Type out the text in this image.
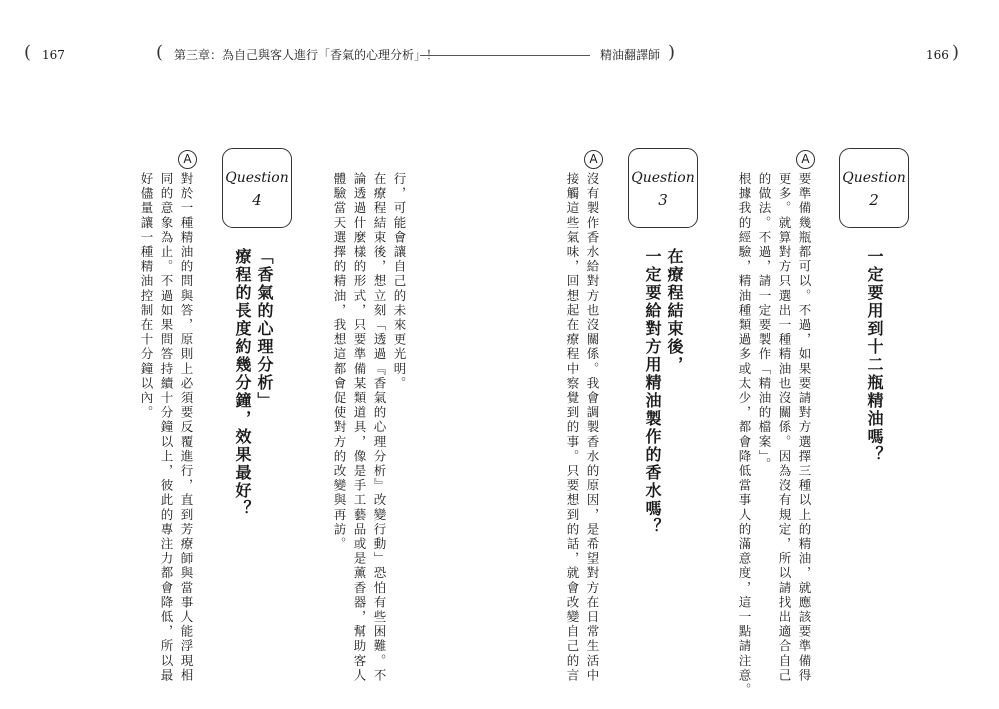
( 167	( 第三章：為自己與客人進行「香氣的心理分析」！	精油翻譯師 )	166 )
Question
2
一定要用到十二瓶精油嗎？
A
要準備幾瓶都可以。不過，如果要請對方選擇三種以上的精油，就應該要準備得
更多。就算對方只選出一種精油也沒關係。因為沒有規定，所以請找出適合自己
的做法。不過，請一定要製作「精油的檔案」。
根據我的經驗，精油種類過多或太少，都會降低當事人的滿意度，這一點請注意。
Question
3
在療程結束後，
一定要給對方用精油製作的香水嗎？
A
沒有製作香水給對方也沒關係。我會調製香水的原因，是希望對方在日常生活中
接觸這些氣味，回想起在療程中察覺到的事。只要想到的話，就會改變自己的言
行，可能會讓自己的未來更光明。
在療程結束後，想立刻「透過『香氣的心理分析』改變行動」恐怕有些困難。不
論透過什麼樣的形式，只要準備某類道具，像是手工藝品或是薰香器，幫助客人
體驗當天選擇的精油，我想這都會促使對方的改變與再訪。
Question
4
「香氣的心理分析」
療程的長度約幾分鐘，效果最好？
A
對於一種精油的問與答，原則上必須要反覆進行，直到芳療師與當事人能浮現相
同的意象為止。不過如果問答持續十分鐘以上，彼此的專注力都會降低，所以最
好儘量讓一種精油控制在十分鐘以內。
